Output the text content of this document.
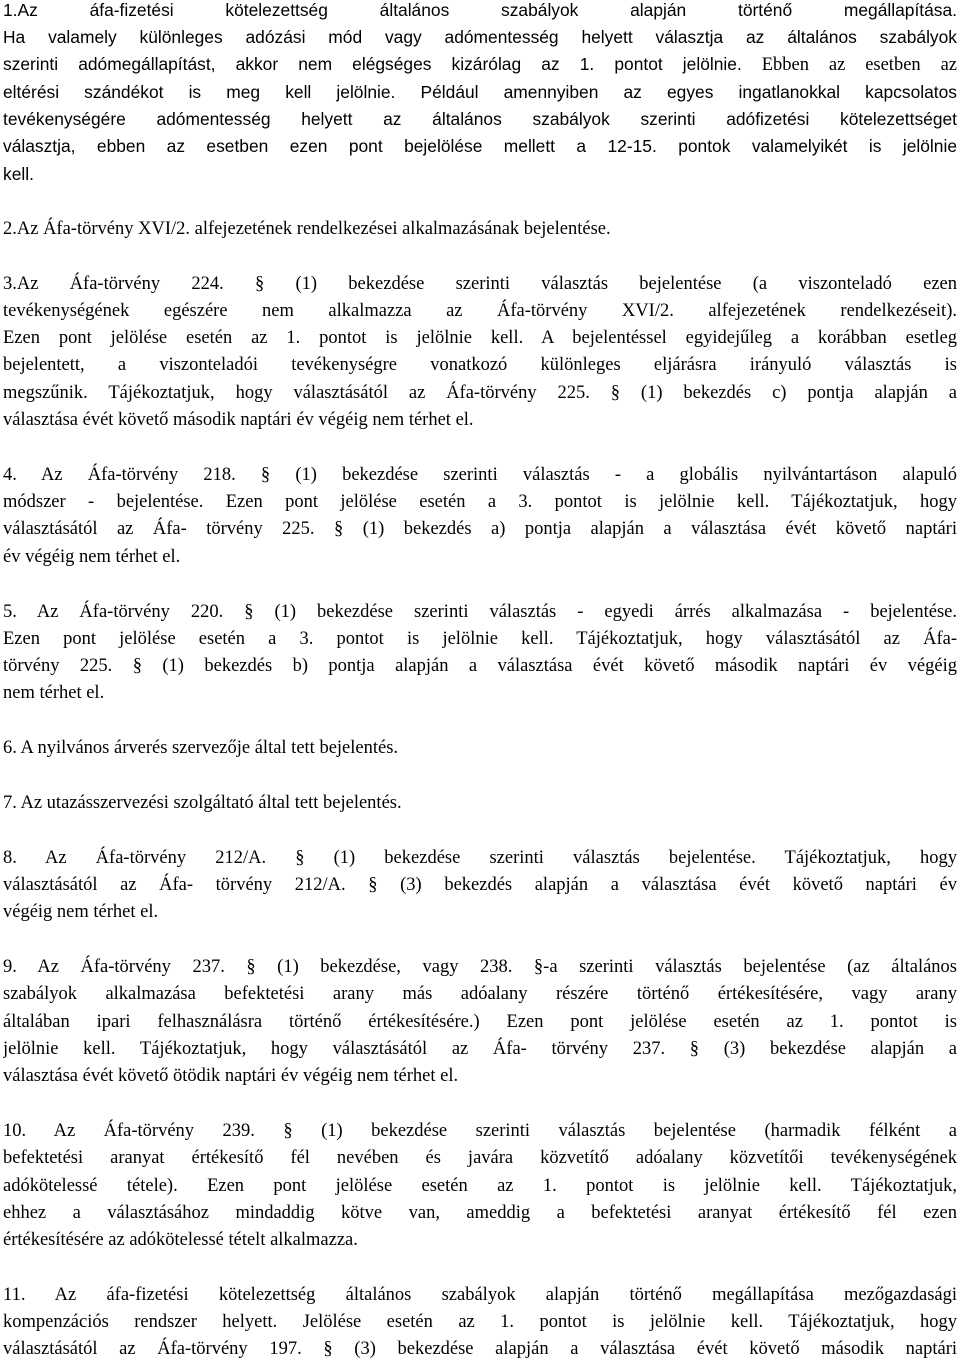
1.Az áfa-fizetési kötelezettség általános szabályok alapján történő megállapítása.
Ha valamely különleges adózási mód vagy adómentesség helyett választja az általános szabályok
szerinti adómegállapítást, akkor nem elégséges kizárólag az 1. pontot jelölnie. Ebben az esetben az
eltérési szándékot is meg kell jelölnie. Például amennyiben az egyes ingatlanokkal kapcsolatos
tevékenységére adómentesség helyett az általános szabályok szerinti adófizetési kötelezettséget
választja, ebben az esetben ezen pont bejelölése mellett a 12-15. pontok valamelyikét is jelölnie
kell.
2.Az Áfa-törvény XVI/2. alfejezetének rendelkezései alkalmazásának bejelentése.
3.Az Áfa-törvény 224. § (1) bekezdése szerinti választás bejelentése (a viszonteladó ezen
tevékenységének egészére nem alkalmazza az Áfa-törvény XVI/2. alfejezetének rendelkezéseit).
Ezen pont jelölése esetén az 1. pontot is jelölnie kell. A bejelentéssel egyidejűleg a korábban esetleg
bejelentett, a viszonteladói tevékenységre vonatkozó különleges eljárásra irányuló választás is
megszűnik. Tájékoztatjuk, hogy választásától az Áfa-törvény 225. § (1) bekezdés c) pontja alapján a
választása évét követő második naptári év végéig nem térhet el.
4. Az Áfa-törvény 218. § (1) bekezdése szerinti választás - a globális nyilvántartáson alapuló
módszer - bejelentése. Ezen pont jelölése esetén a 3. pontot is jelölnie kell. Tájékoztatjuk, hogy
választásától az Áfa- törvény 225. § (1) bekezdés a) pontja alapján a választása évét követő naptári
év végéig nem térhet el.
5. Az Áfa-törvény 220. § (1) bekezdése szerinti választás - egyedi árrés alkalmazása - bejelentése.
Ezen pont jelölése esetén a 3. pontot is jelölnie kell. Tájékoztatjuk, hogy választásától az Áfa-
törvény 225. § (1) bekezdés b) pontja alapján a választása évét követő második naptári év végéig
nem térhet el.
6. A nyilvános árverés szervezője által tett bejelentés.
7. Az utazásszervezési szolgáltató által tett bejelentés.
8. Az Áfa-törvény 212/A. § (1) bekezdése szerinti választás bejelentése. Tájékoztatjuk, hogy
választásától az Áfa- törvény 212/A. § (3) bekezdés alapján a választása évét követő naptári év
végéig nem térhet el.
9. Az Áfa-törvény 237. § (1) bekezdése, vagy 238. §-a szerinti választás bejelentése (az általános
szabályok alkalmazása befektetési arany más adóalany részére történő értékesítésére, vagy arany
általában ipari felhasználásra történő értékesítésére.) Ezen pont jelölése esetén az 1. pontot is
jelölnie kell. Tájékoztatjuk, hogy választásától az Áfa- törvény 237. § (3) bekezdése alapján a
választása évét követő ötödik naptári év végéig nem térhet el.
10. Az Áfa-törvény 239. § (1) bekezdése szerinti választás bejelentése (harmadik félként a
befektetési aranyat értékesítő fél nevében és javára közvetítő adóalany közvetítői tevékenységének
adókötelessé tétele). Ezen pont jelölése esetén az 1. pontot is jelölnie kell. Tájékoztatjuk,
ehhez a választásához mindaddig kötve van, ameddig a befektetési aranyat értékesítő fél ezen
értékesítésére az adókötelessé tételt alkalmazza.
11. Az áfa-fizetési kötelezettség általános szabályok alapján történő megállapítása mezőgazdasági
kompenzációs rendszer helyett. Jelölése esetén az 1. pontot is jelölnie kell. Tájékoztatjuk, hogy
választásától az Áfa-törvény 197. § (3) bekezdése alapján a választása évét követő második naptári
